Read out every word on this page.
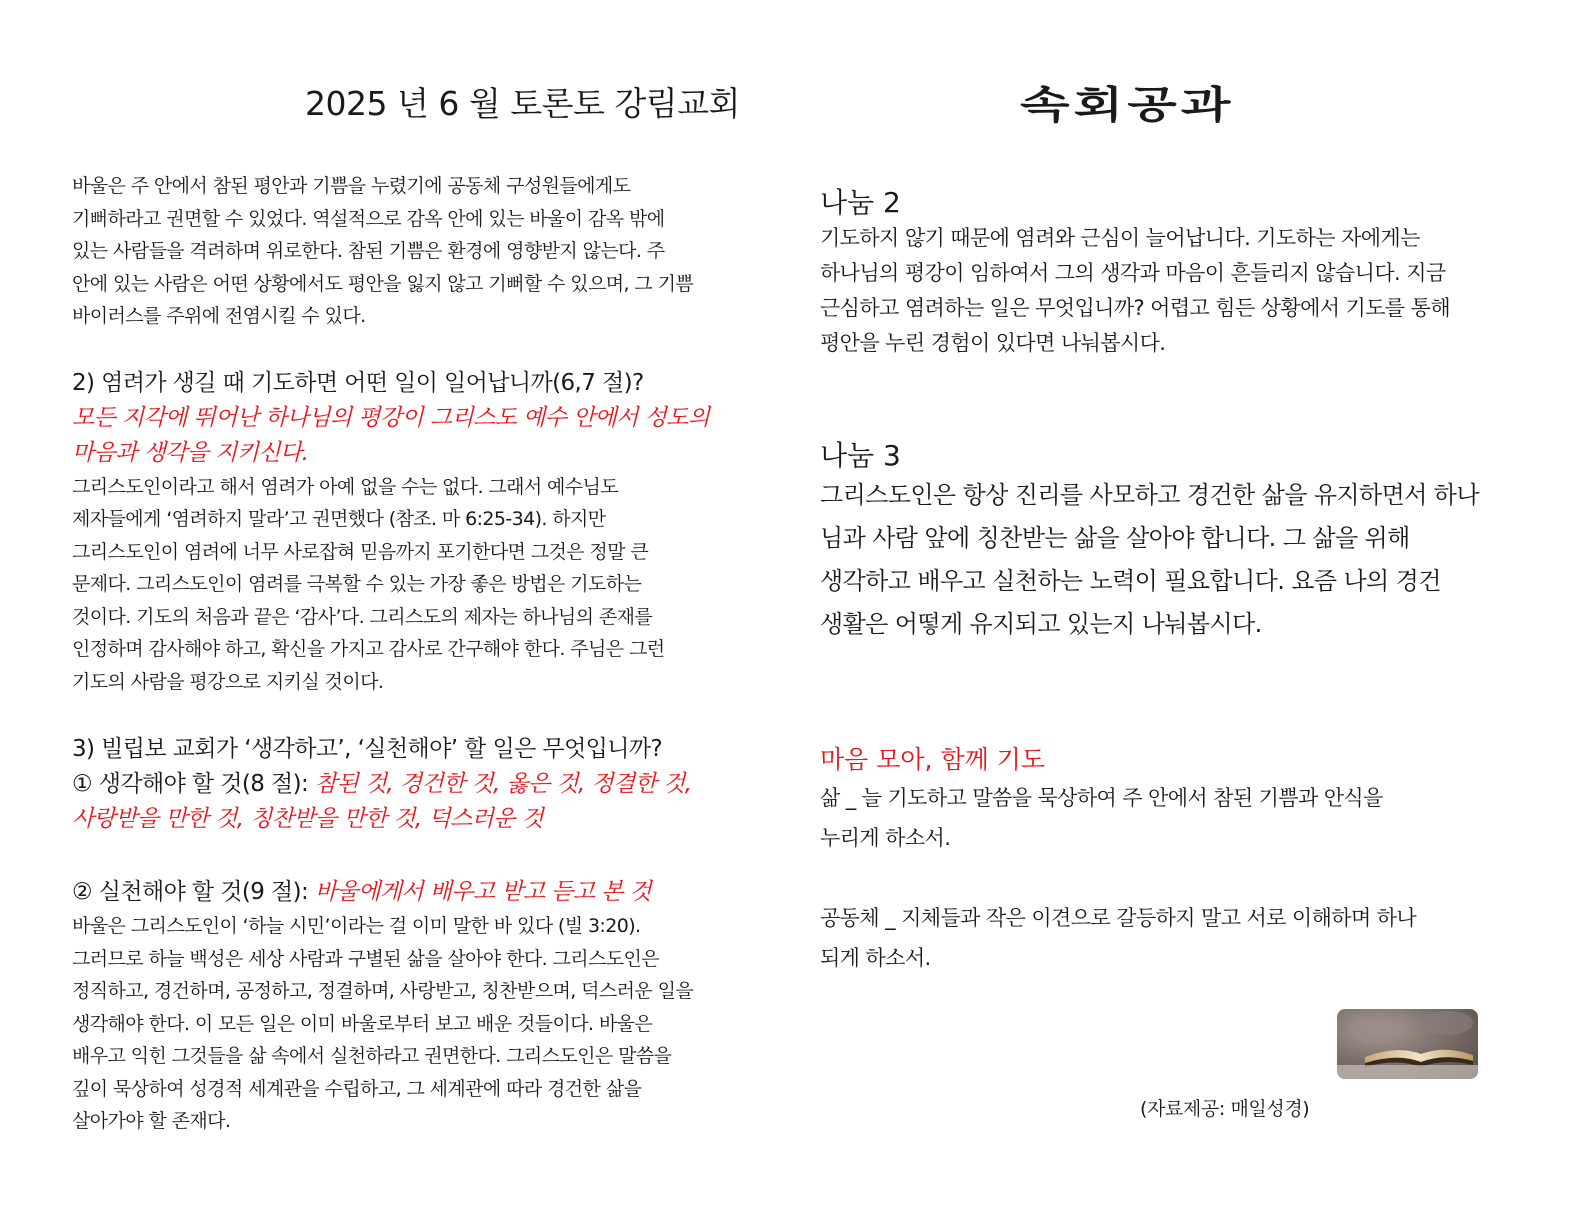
2025 년 6 월 토론토 강림교회	속회공과

바울은 주 안에서 참된 평안과 기쁨을 누렸기에 공동체 구성원들에게도

기뻐하라고 권면할 수 있었다. 역설적으로 감옥 안에 있는 바울이 감옥 밖에

있는 사람들을 격려하며 위로한다. 참된 기쁨은 환경에 영향받지 않는다. 주

안에 있는 사람은 어떤 상황에서도 평안을 잃지 않고 기뻐할 수 있으며, 그 기쁨

바이러스를 주위에 전염시킬 수 있다.

2) 염려가 생길 때 기도하면 어떤 일이 일어납니까(6,7 절)?

모든 지각에 뛰어난 하나님의 평강이 그리스도 예수 안에서 성도의

마음과 생각을 지키신다.

그리스도인이라고 해서 염려가 아예 없을 수는 없다. 그래서 예수님도

제자들에게 ‘염려하지 말라’고 권면했다 (참조. 마 6:25-34). 하지만

그리스도인이 염려에 너무 사로잡혀 믿음까지 포기한다면 그것은 정말 큰

문제다. 그리스도인이 염려를 극복할 수 있는 가장 좋은 방법은 기도하는

것이다. 기도의 처음과 끝은 ‘감사’다. 그리스도의 제자는 하나님의 존재를

인정하며 감사해야 하고, 확신을 가지고 감사로 간구해야 한다. 주님은 그런

기도의 사람을 평강으로 지키실 것이다.

3) 빌립보 교회가 ‘생각하고’, ‘실천해야’ 할 일은 무엇입니까?

① 생각해야 할 것(8 절): 참된 것, 경건한 것, 옳은 것, 정결한 것,

사랑받을 만한 것, 칭찬받을 만한 것, 덕스러운 것

② 실천해야 할 것(9 절): 바울에게서 배우고 받고 듣고 본 것

바울은 그리스도인이 ‘하늘 시민’이라는 걸 이미 말한 바 있다 (빌 3:20).

그러므로 하늘 백성은 세상 사람과 구별된 삶을 살아야 한다. 그리스도인은

정직하고, 경건하며, 공정하고, 정결하며, 사랑받고, 칭찬받으며, 덕스러운 일을

생각해야 한다. 이 모든 일은 이미 바울로부터 보고 배운 것들이다. 바울은

배우고 익힌 그것들을 삶 속에서 실천하라고 권면한다. 그리스도인은 말씀을

깊이 묵상하여 성경적 세계관을 수립하고, 그 세계관에 따라 경건한 삶을

살아가야 할 존재다.

나눔 2

기도하지 않기 때문에 염려와 근심이 늘어납니다. 기도하는 자에게는

하나님의 평강이 임하여서 그의 생각과 마음이 흔들리지 않습니다. 지금

근심하고 염려하는 일은 무엇입니까? 어렵고 힘든 상황에서 기도를 통해

평안을 누린 경험이 있다면 나눠봅시다.

나눔 3

그리스도인은 항상 진리를 사모하고 경건한 삶을 유지하면서 하나

님과 사람 앞에 칭찬받는 삶을 살아야 합니다. 그 삶을 위해

생각하고 배우고 실천하는 노력이 필요합니다. 요즘 나의 경건

생활은 어떻게 유지되고 있는지 나눠봅시다.

마음 모아, 함께 기도

삶 _ 늘 기도하고 말씀을 묵상하여 주 안에서 참된 기쁨과 안식을

누리게 하소서.

공동체 _ 지체들과 작은 이견으로 갈등하지 말고 서로 이해하며 하나

되게 하소서.

(자료제공: 매일성경)
